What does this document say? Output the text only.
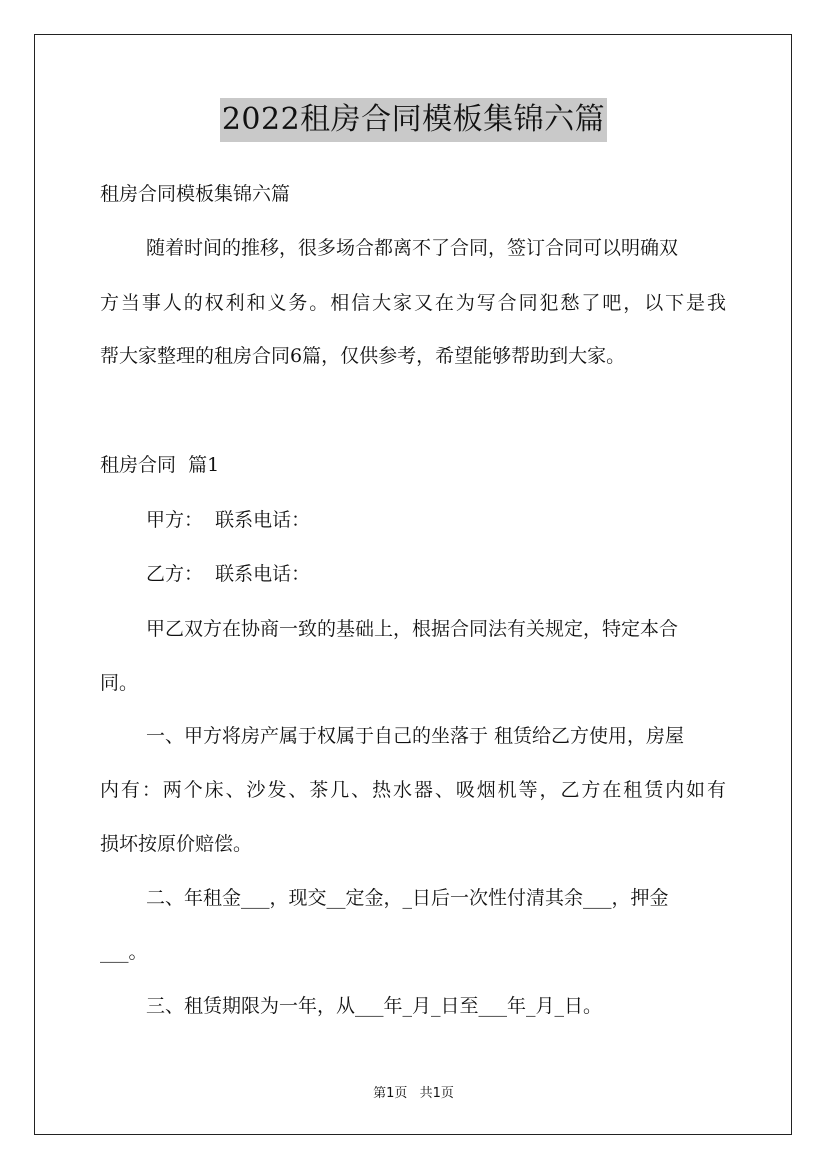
2022租房合同模板集锦六篇
租房合同模板集锦六篇
随着时间的推移，很多场合都离不了合同，签订合同可以明确双
方当事人的权利和义务。相信大家又在为写合同犯愁了吧，以下是我
帮大家整理的租房合同6篇，仅供参考，希望能够帮助到大家。
租房合同  篇1
甲方：  联系电话：
乙方：  联系电话：
甲乙双方在协商一致的基础上，根据合同法有关规定，特定本合
同。
一、甲方将房产属于权属于自己的坐落于 租赁给乙方使用，房屋
内有：两个床、沙发、茶几、热水器、吸烟机等，乙方在租赁内如有
损坏按原价赔偿。
二、年租金___，现交__定金，_日后一次性付清其余___，押金
___。
三、租赁期限为一年，从___年_月_日至___年_月_日。
第1页 共1页
